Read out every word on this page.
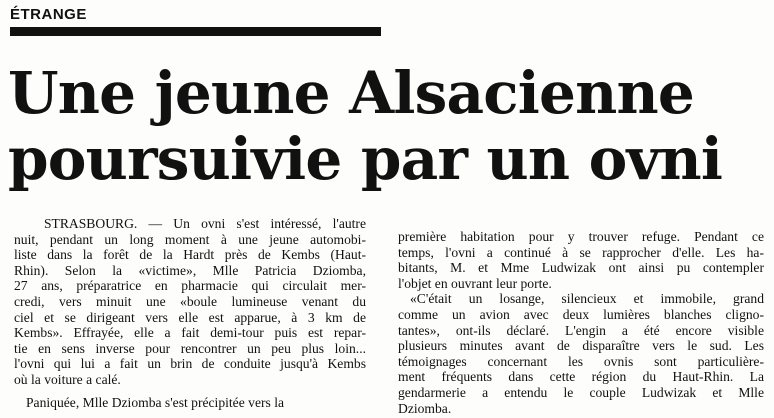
ÉTRANGE
Une jeune Alsacienne
poursuivie par un ovni
STRASBOURG. — Un ovni s'est intéressé, l'autre
nuit, pendant un long moment à une jeune automobi-
liste dans la forêt de la Hardt près de Kembs (Haut-
Rhin). Selon la «victime», Mlle Patricia Dziomba,
27 ans, préparatrice en pharmacie qui circulait mer-
credi, vers minuit une «boule lumineuse venant du
ciel et se dirigeant vers elle est apparue, à 3 km de
Kembs». Effrayée, elle a fait demi-tour puis est repar-
tie en sens inverse pour rencontrer un peu plus loin...
l'ovni qui lui a fait un brin de conduite jusqu'à Kembs
où la voiture a calé.
Paniquée, Mlle Dziomba s'est précipitée vers la
première habitation pour y trouver refuge. Pendant ce
temps, l'ovni a continué à se rapprocher d'elle. Les ha-
bitants, M. et Mme Ludwizak ont ainsi pu contempler
l'objet en ouvrant leur porte.
«C'était un losange, silencieux et immobile, grand
comme un avion avec deux lumières blanches cligno-
tantes», ont-ils déclaré. L'engin a été encore visible
plusieurs minutes avant de disparaître vers le sud. Les
témoignages concernant les ovnis sont particulière-
ment fréquents dans cette région du Haut-Rhin. La
gendarmerie a entendu le couple Ludwizak et Mlle
Dziomba.
